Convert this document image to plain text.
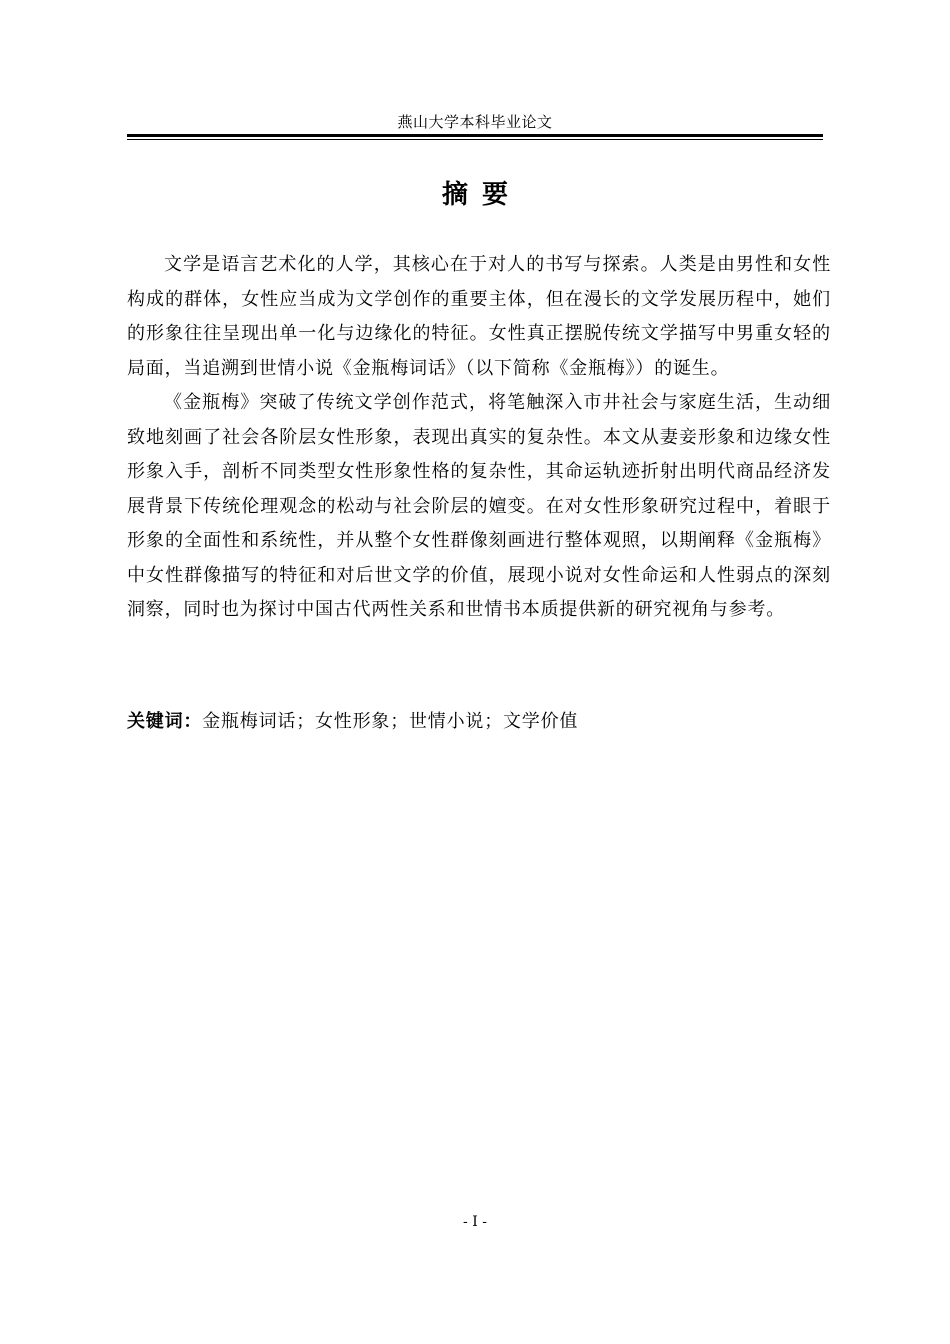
燕山大学本科毕业论文
摘要

文学是语言艺术化的人学，其核心在于对人的书写与探索。人类是由男性和女性构成的群体，女性应当成为文学创作的重要主体，但在漫长的文学发展历程中，她们的形象往往呈现出单一化与边缘化的特征。女性真正摆脱传统文学描写中男重女轻的局面，当追溯到世情小说《金瓶梅词话》（以下简称《金瓶梅》）的诞生。

《金瓶梅》突破了传统文学创作范式，将笔触深入市井社会与家庭生活，生动细致地刻画了社会各阶层女性形象，表现出真实的复杂性。本文从妻妾形象和边缘女性形象入手，剖析不同类型女性形象性格的复杂性，其命运轨迹折射出明代商品经济发展背景下传统伦理观念的松动与社会阶层的嬗变。在对女性形象研究过程中，着眼于形象的全面性和系统性，并从整个女性群像刻画进行整体观照，以期阐释《金瓶梅》中女性群像描写的特征和对后世文学的价值，展现小说对女性命运和人性弱点的深刻洞察，同时也为探讨中国古代两性关系和世情书本质提供新的研究视角与参考。

关键词：金瓶梅词话；女性形象；世情小说；文学价值
- I -
